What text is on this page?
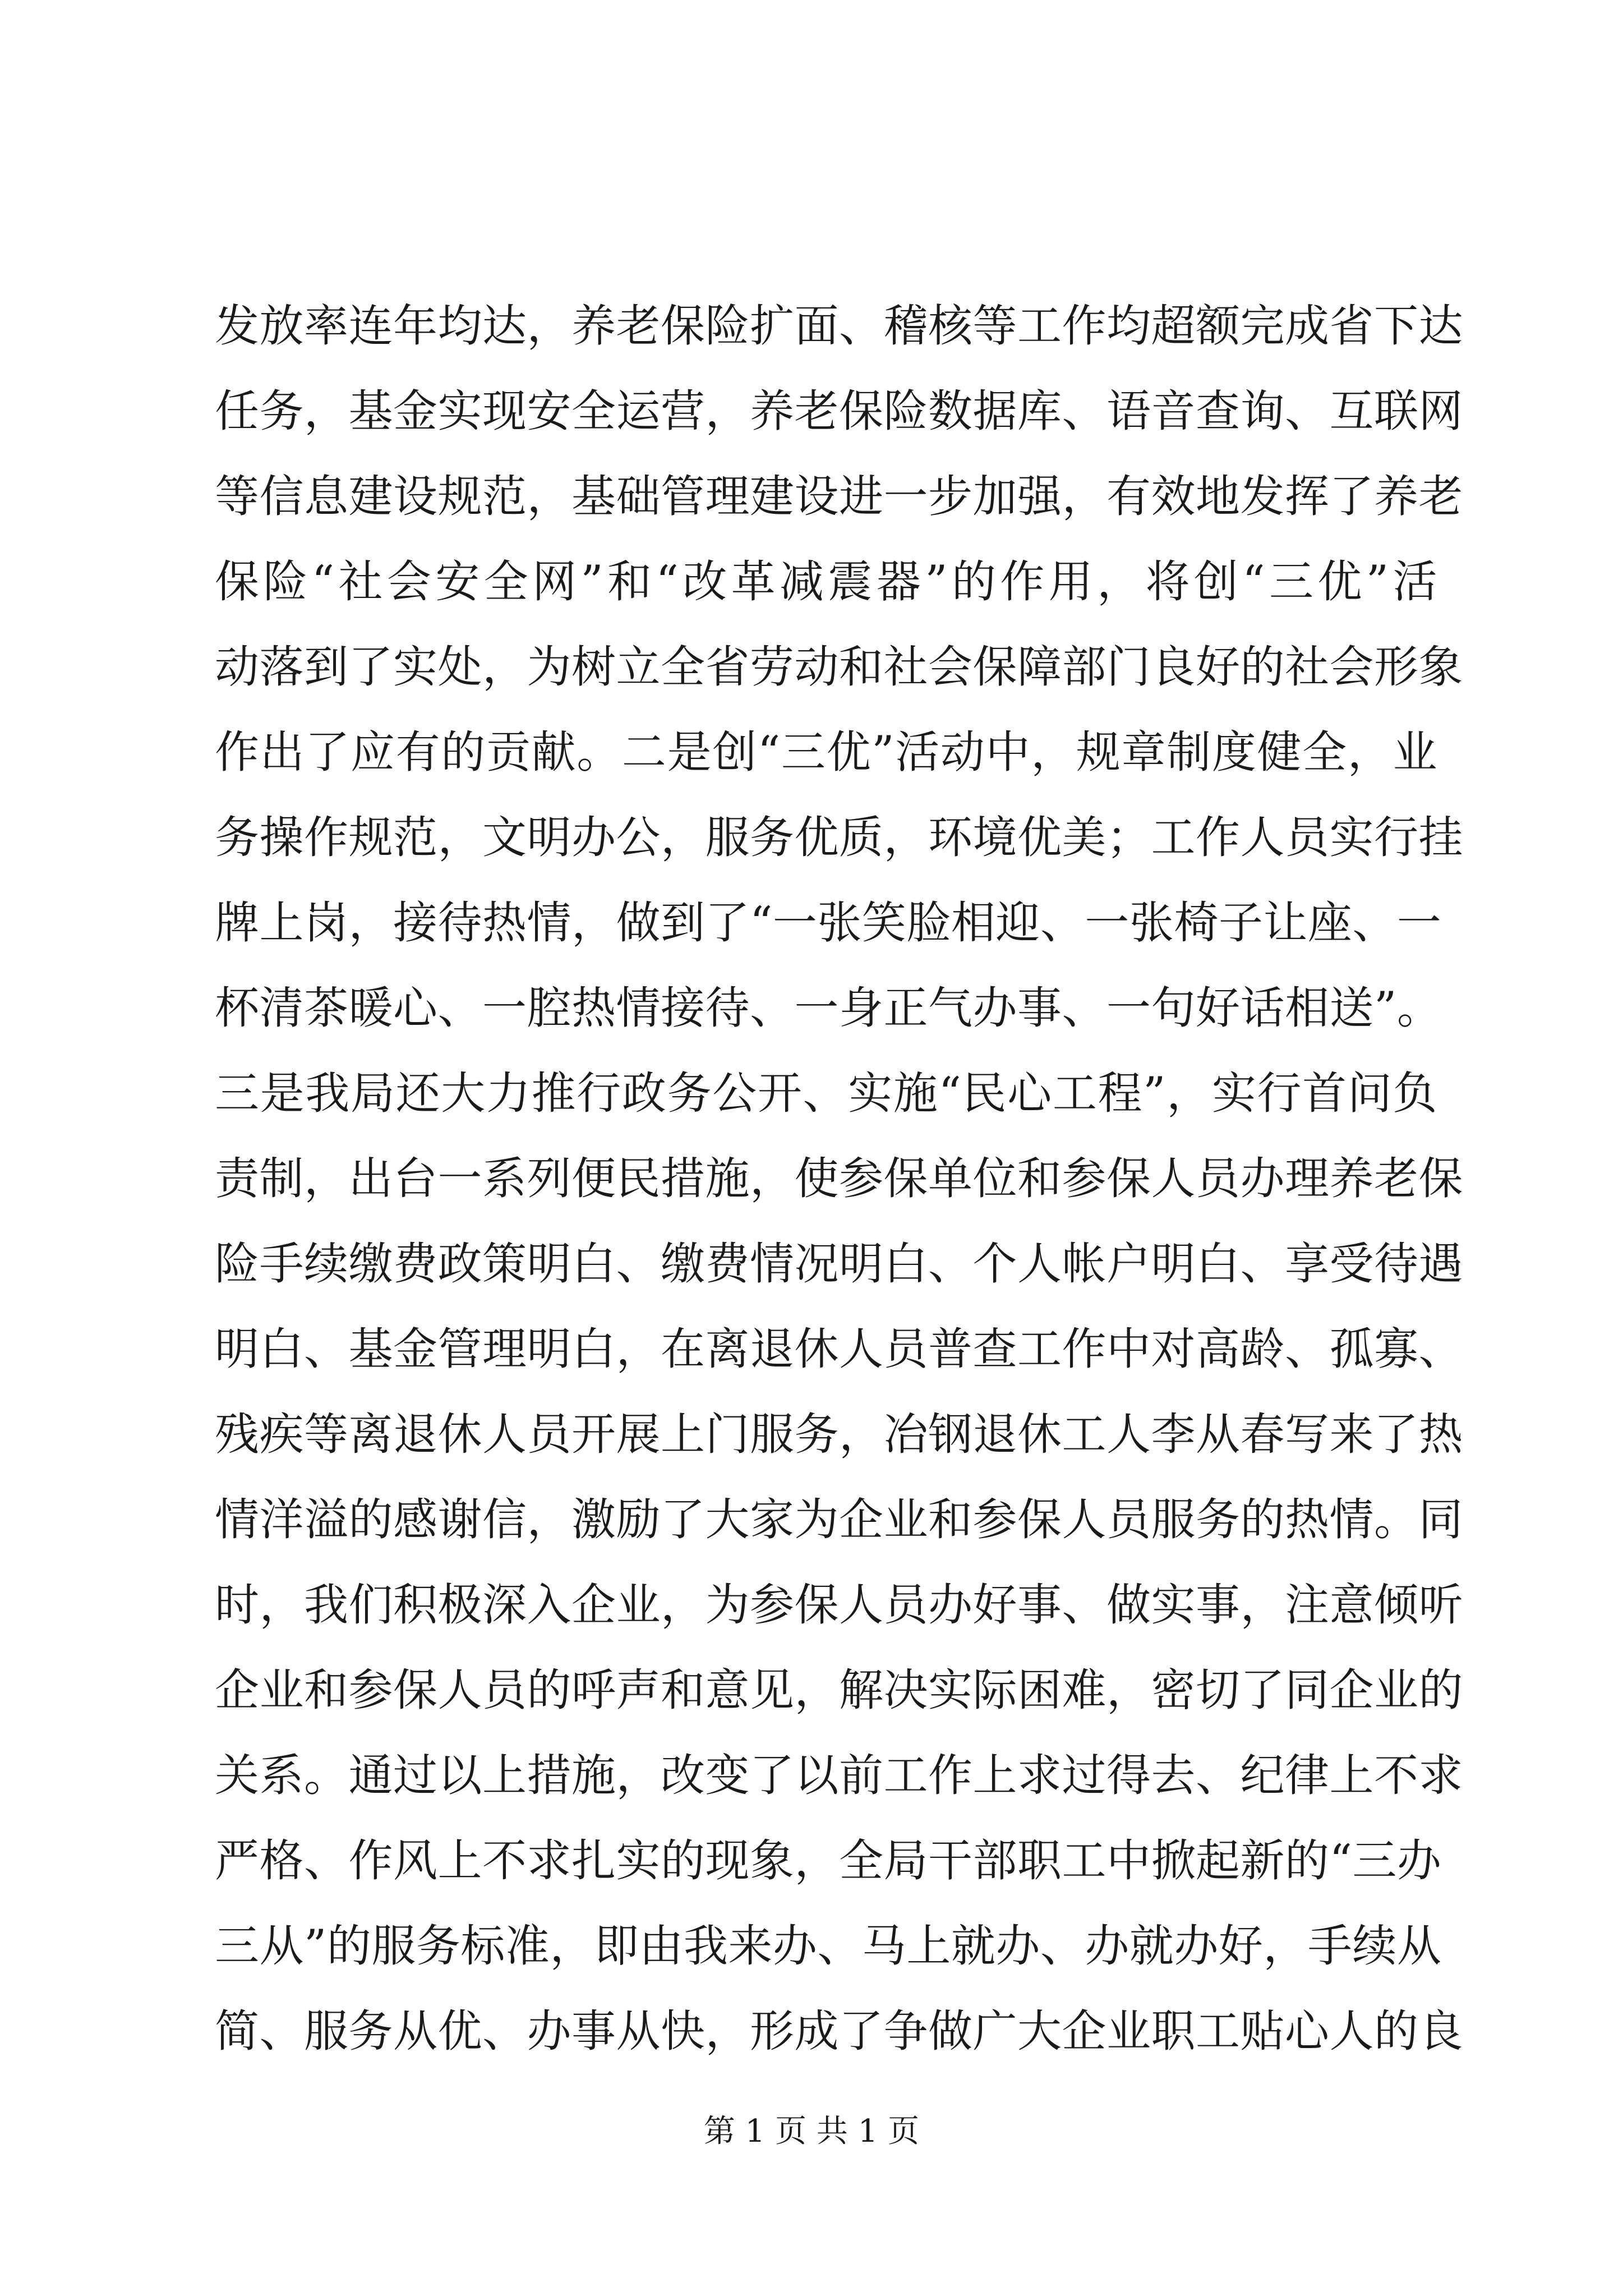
发放率连年均达，养老保险扩面、稽核等工作均超额完成省下达
任务，基金实现安全运营，养老保险数据库、语音查询、互联网
等信息建设规范，基础管理建设进一步加强，有效地发挥了养老
保险“社会安全网”和“改革减震器”的作用，将创“三优”活
动落到了实处，为树立全省劳动和社会保障部门良好的社会形象
作出了应有的贡献。二是创“三优”活动中，规章制度健全，业
务操作规范，文明办公，服务优质，环境优美；工作人员实行挂
牌上岗，接待热情，做到了“一张笑脸相迎、一张椅子让座、一
杯清茶暖心、一腔热情接待、一身正气办事、一句好话相送”。
三是我局还大力推行政务公开、实施“民心工程”，实行首问负
责制，出台一系列便民措施，使参保单位和参保人员办理养老保
险手续缴费政策明白、缴费情况明白、个人帐户明白、享受待遇
明白、基金管理明白，在离退休人员普查工作中对高龄、孤寡、
残疾等离退休人员开展上门服务，冶钢退休工人李从春写来了热
情洋溢的感谢信，激励了大家为企业和参保人员服务的热情。同
时，我们积极深入企业，为参保人员办好事、做实事，注意倾听
企业和参保人员的呼声和意见，解决实际困难，密切了同企业的
关系。通过以上措施，改变了以前工作上求过得去、纪律上不求
严格、作风上不求扎实的现象，全局干部职工中掀起新的“三办
三从”的服务标准，即由我来办、马上就办、办就办好，手续从
简、服务从优、办事从快，形成了争做广大企业职工贴心人的良
第 1 页 共 1 页
